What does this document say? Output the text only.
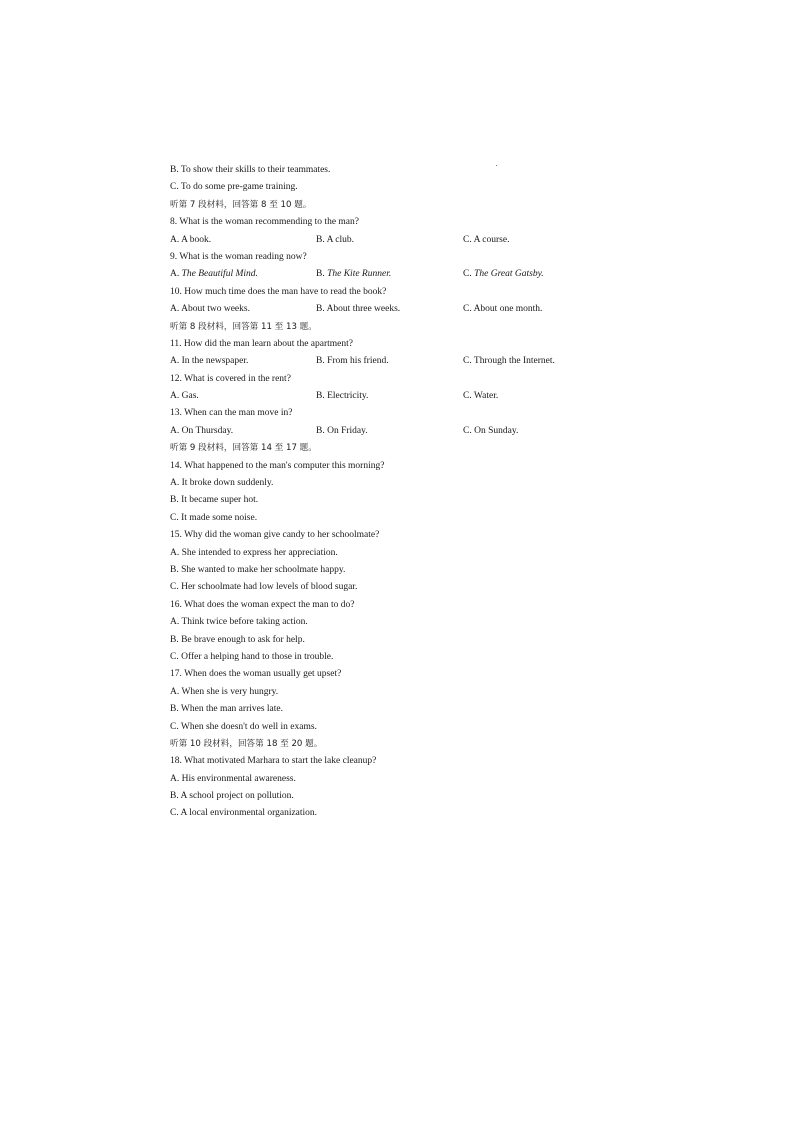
B. To show their skills to their teammates.
C. To do some pre-game training.
听第 7 段材料，回答第 8 至 10 题。
8. What is the woman recommending to the man?
A. A book.	B. A club.	C. A course.
9. What is the woman reading now?
A. The Beautiful Mind.	B. The Kite Runner.	C. The Great Gatsby.
10. How much time does the man have to read the book?
A. About two weeks.	B. About three weeks.	C. About one month.
听第 8 段材料，回答第 11 至 13 题。
11. How did the man learn about the apartment?
A. In the newspaper.	B. From his friend.	C. Through the Internet.
12. What is covered in the rent?
A. Gas.	B. Electricity.	C. Water.
13. When can the man move in?
A. On Thursday.	B. On Friday.	C. On Sunday.
听第 9 段材料，回答第 14 至 17 题。
14. What happened to the man's computer this morning?
A. It broke down suddenly.
B. It became super hot.
C. It made some noise.
15. Why did the woman give candy to her schoolmate?
A. She intended to express her appreciation.
B. She wanted to make her schoolmate happy.
C. Her schoolmate had low levels of blood sugar.
16. What does the woman expect the man to do?
A. Think twice before taking action.
B. Be brave enough to ask for help.
C. Offer a helping hand to those in trouble.
17. When does the woman usually get upset?
A. When she is very hungry.
B. When the man arrives late.
C. When she doesn't do well in exams.
听第 10 段材料，回答第 18 至 20 题。
18. What motivated Marhara to start the lake cleanup?
A. His environmental awareness.
B. A school project on pollution.
C. A local environmental organization.
